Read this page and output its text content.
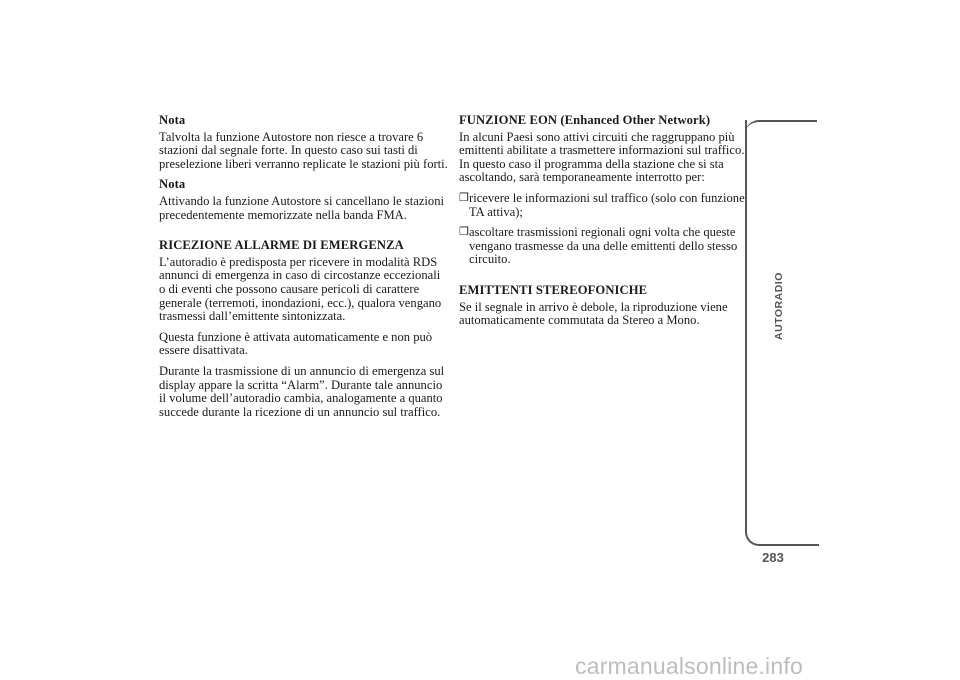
Nota

Talvolta la funzione Autostore non riesce a trovare 6 stazioni dal segnale forte. In questo caso sui tasti di preselezione liberi verranno replicate le stazioni più forti.

Nota

Attivando la funzione Autostore si cancellano le stazioni precedentemente memorizzate nella banda FMA.

RICEZIONE ALLARME DI EMERGENZA

L’autoradio è predisposta per ricevere in modalità RDS annunci di emergenza in caso di circostanze eccezionali o di eventi che possono causare pericoli di carattere generale (terremoti, inondazioni, ecc.), qualora vengano trasmessi dall’emittente sintonizzata.

Questa funzione è attivata automaticamente e non può essere disattivata.

Durante la trasmissione di un annuncio di emergenza sul display appare la scritta “Alarm”. Durante tale annuncio il volume dell’autoradio cambia, analogamente a quanto succede durante la ricezione di un annuncio sul traffico.

FUNZIONE EON (Enhanced Other Network)

In alcuni Paesi sono attivi circuiti che raggruppano più emittenti abilitate a trasmettere informazioni sul traffico. In questo caso il programma della stazione che si sta ascoltando, sarà temporaneamente interrotto per:

❒ ricevere le informazioni sul traffico (solo con funzione TA attiva);
❒ ascoltare trasmissioni regionali ogni volta che queste vengano trasmesse da una delle emittenti dello stesso circuito.
EMITTENTI STEREOFONICHE

Se il segnale in arrivo è debole, la riproduzione viene automaticamente commutata da Stereo a Mono.	AUTORADIO
283
carmanualsonline.info
